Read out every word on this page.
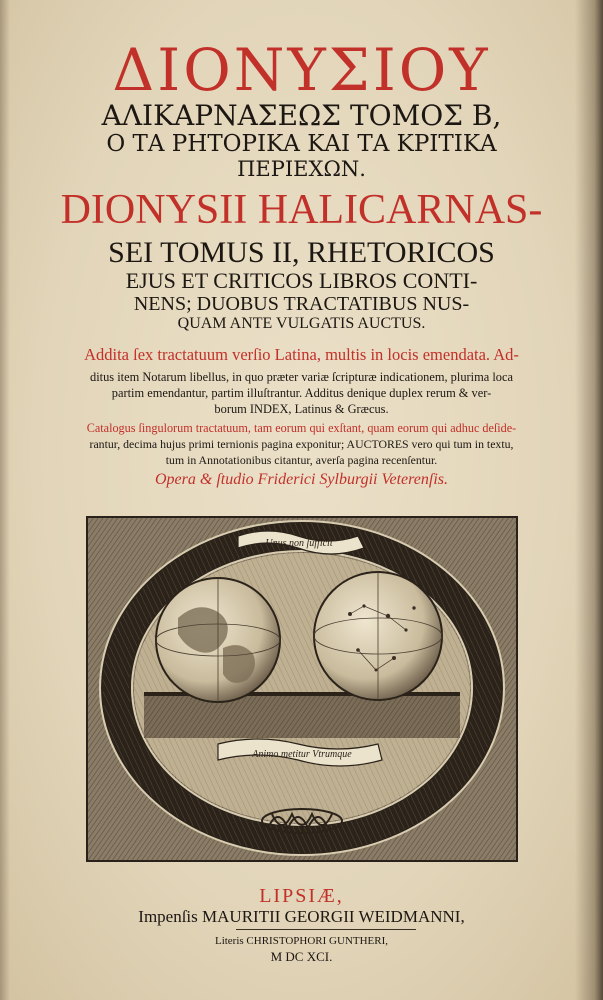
ΔΙΟΝΥΣΙΟΥ
ΑΛΙΚΑΡΝΑΣΕΩΣ ΤΟΜΟΣ Β,
Ο ΤΑ ΡΗΤΟΡΙΚΑ ΚΑΙ ΤΑ ΚΡΙΤΙΚΑ
ΠΕΡΙΕΧΩΝ.
DIONYSII HALICARNAS-
SEI TOMUS II, RHETORICOS
EJUS ET CRITICOS LIBROS CONTI-
NENS; DUOBUS TRACTATIBUS NUS-
QUAM ANTE VULGATIS AUCTUS.
Addita ſex tractatuum verſio Latina, multis in locis emendata. Ad-
ditus item Notarum libellus, in quo præter variæ ſcripturæ indicationem, plurima loca
partim emendantur, partim illuſtrantur. Additus denique duplex rerum & ver-
borum INDEX, Latinus & Græcus.
Catalogus ſingulorum tractatuum, tam eorum qui exſtant, quam eorum qui adhuc deſide-
rantur, decima hujus primi ternionis pagina exponitur; AUCTORES vero qui tum in textu,
tum in Annotationibus citantur, averſa pagina recenſentur.
Opera & ſtudio Friderici Sylburgii Veterenſis.
Unus non ſufficit
Animo metitur Vtrumque
LIPSIÆ,
Impenſis MAURITII GEORGII WEIDMANNI,
Literis CHRISTOPHORI GUNTHERI,
M DC XCI.
